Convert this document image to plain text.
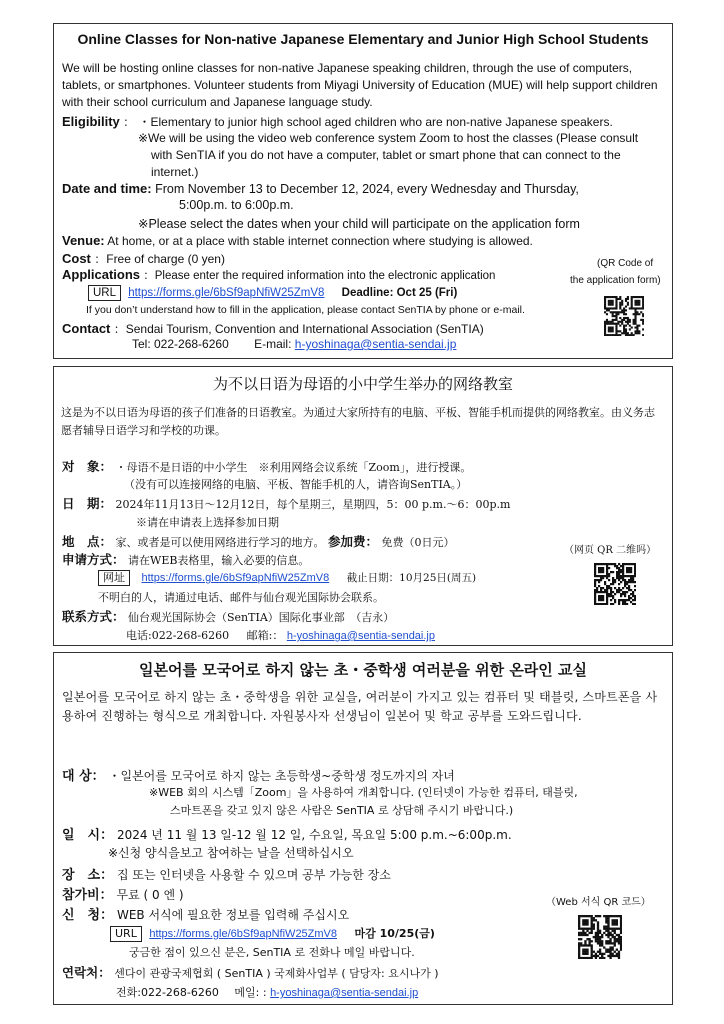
Online Classes for Non-native Japanese Elementary and Junior High School Students
We will be hosting online classes for non-native Japanese speaking children, through the use of computers, tablets, or smartphones. Volunteer students from Miyagi University of Education (MUE) will help support children with their school curriculum and Japanese language study.
Eligibility ： ・Elementary to junior high school aged children who are non-native Japanese speakers.
※We will be using the video web conference system Zoom to host the classes (Please consult
with SenTIA if you do not have a computer, tablet or smart phone that can connect to the
internet.)
Date and time: From November 13 to December 12, 2024, every Wednesday and Thursday,
5:00p.m. to 6:00p.m.
※Please select the dates when your child will participate on the application form
Venue: At home, or at a place with stable internet connection where studying is allowed.
Cost ：Free of charge (0 yen)
Applications ：Please enter the required information into the electronic application
URL https://forms.gle/6bSf9apNfiW25ZmV8 Deadline: Oct 25 (Fri)
If you don’t understand how to fill in the application, please contact SenTIA by phone or e-mail.
Contact ：Sendai Tourism, Convention and International Association (SenTIA)
Tel: 022-268-6260 E-mail: h-yoshinaga@sentia-sendai.jp
(QR Code of
the application form)
为不以日语为母语的小中学生举办的网络教室
这是为不以日语为母语的孩子们准备的日语教室。为通过大家所持有的电脑、平板、智能手机而提供的网络教室。由义务志愿者辅导日语学习和学校的功课。
对　象： ・母语不是日语的中小学生　※利用网络会议系统「Zoom」，进行授课。
（没有可以连接网络的电脑、平板、智能手机的人，请咨询SenTIA。）
日　期： 2024年11月13日～12月12日，每个星期三，星期四，5：00 p.m.～6：00p.m
※请在申请表上选择参加日期
地　点： 家、或者是可以使用网络进行学习的地方。 参加费： 免费（0日元）
申请方式： 请在WEB表格里，输入必要的信息。
网址 https://forms.gle/6bSf9apNfiW25ZmV8 截止日期：10月25日(周五)
不明白的人，请通过电话、邮件与仙台观光国际协会联系。
联系方式： 仙台观光国际协会（SenTIA）国际化事业部　（吉永）
电话:022-268-6260 邮箱:： h-yoshinaga@sentia-sendai.jp
（网页 QR 二维吗）
일본어를 모국어로 하지 않는 초・중학생 여러분을 위한 온라인 교실
일본어를 모국어로 하지 않는 초・중학생을 위한 교실을, 여러분이 가지고 있는 컴퓨터 및 태블릿, 스마트폰을 사용하여 진행하는 형식으로 개최합니다. 자원봉사자 선생님이 일본어 및 학교 공부를 도와드립니다.
대 상： ・일본어를 모국어로 하지 않는 초등학생~중학생 정도까지의 자녀
※WEB 회의 시스템「Zoom」을 사용하여 개최합니다. (인터넷이 가능한 컴퓨터, 태블릿,
스마트폰을 갖고 있지 않은 사람은 SenTIA 로 상담해 주시기 바랍니다.)
일　시： 2024 년 11 월 13 일-12 월 12 일, 수요일, 목요일 5:00 p.m.~6:00p.m.
※신청 양식을보고 참여하는 날을 선택하십시오
장　소： 집 또는 인터넷을 사용할 수 있으며 공부 가능한 장소
참가비： 무료 ( 0 엔 )
신　청： WEB 서식에 필요한 정보를 입력해 주십시오
URL https://forms.gle/6bSf9apNfiW25ZmV8 마감 10/25(금)
궁금한 점이 있으신 분은, SenTIA 로 전화나 메일 바랍니다.
연락처： 센다이 관광국제협회 ( SenTIA ) 국제화사업부 ( 담당자: 요시나가 )
전화:022-268-6260 메일: : h-yoshinaga@sentia-sendai.jp
（Web 서식 QR 코드）
